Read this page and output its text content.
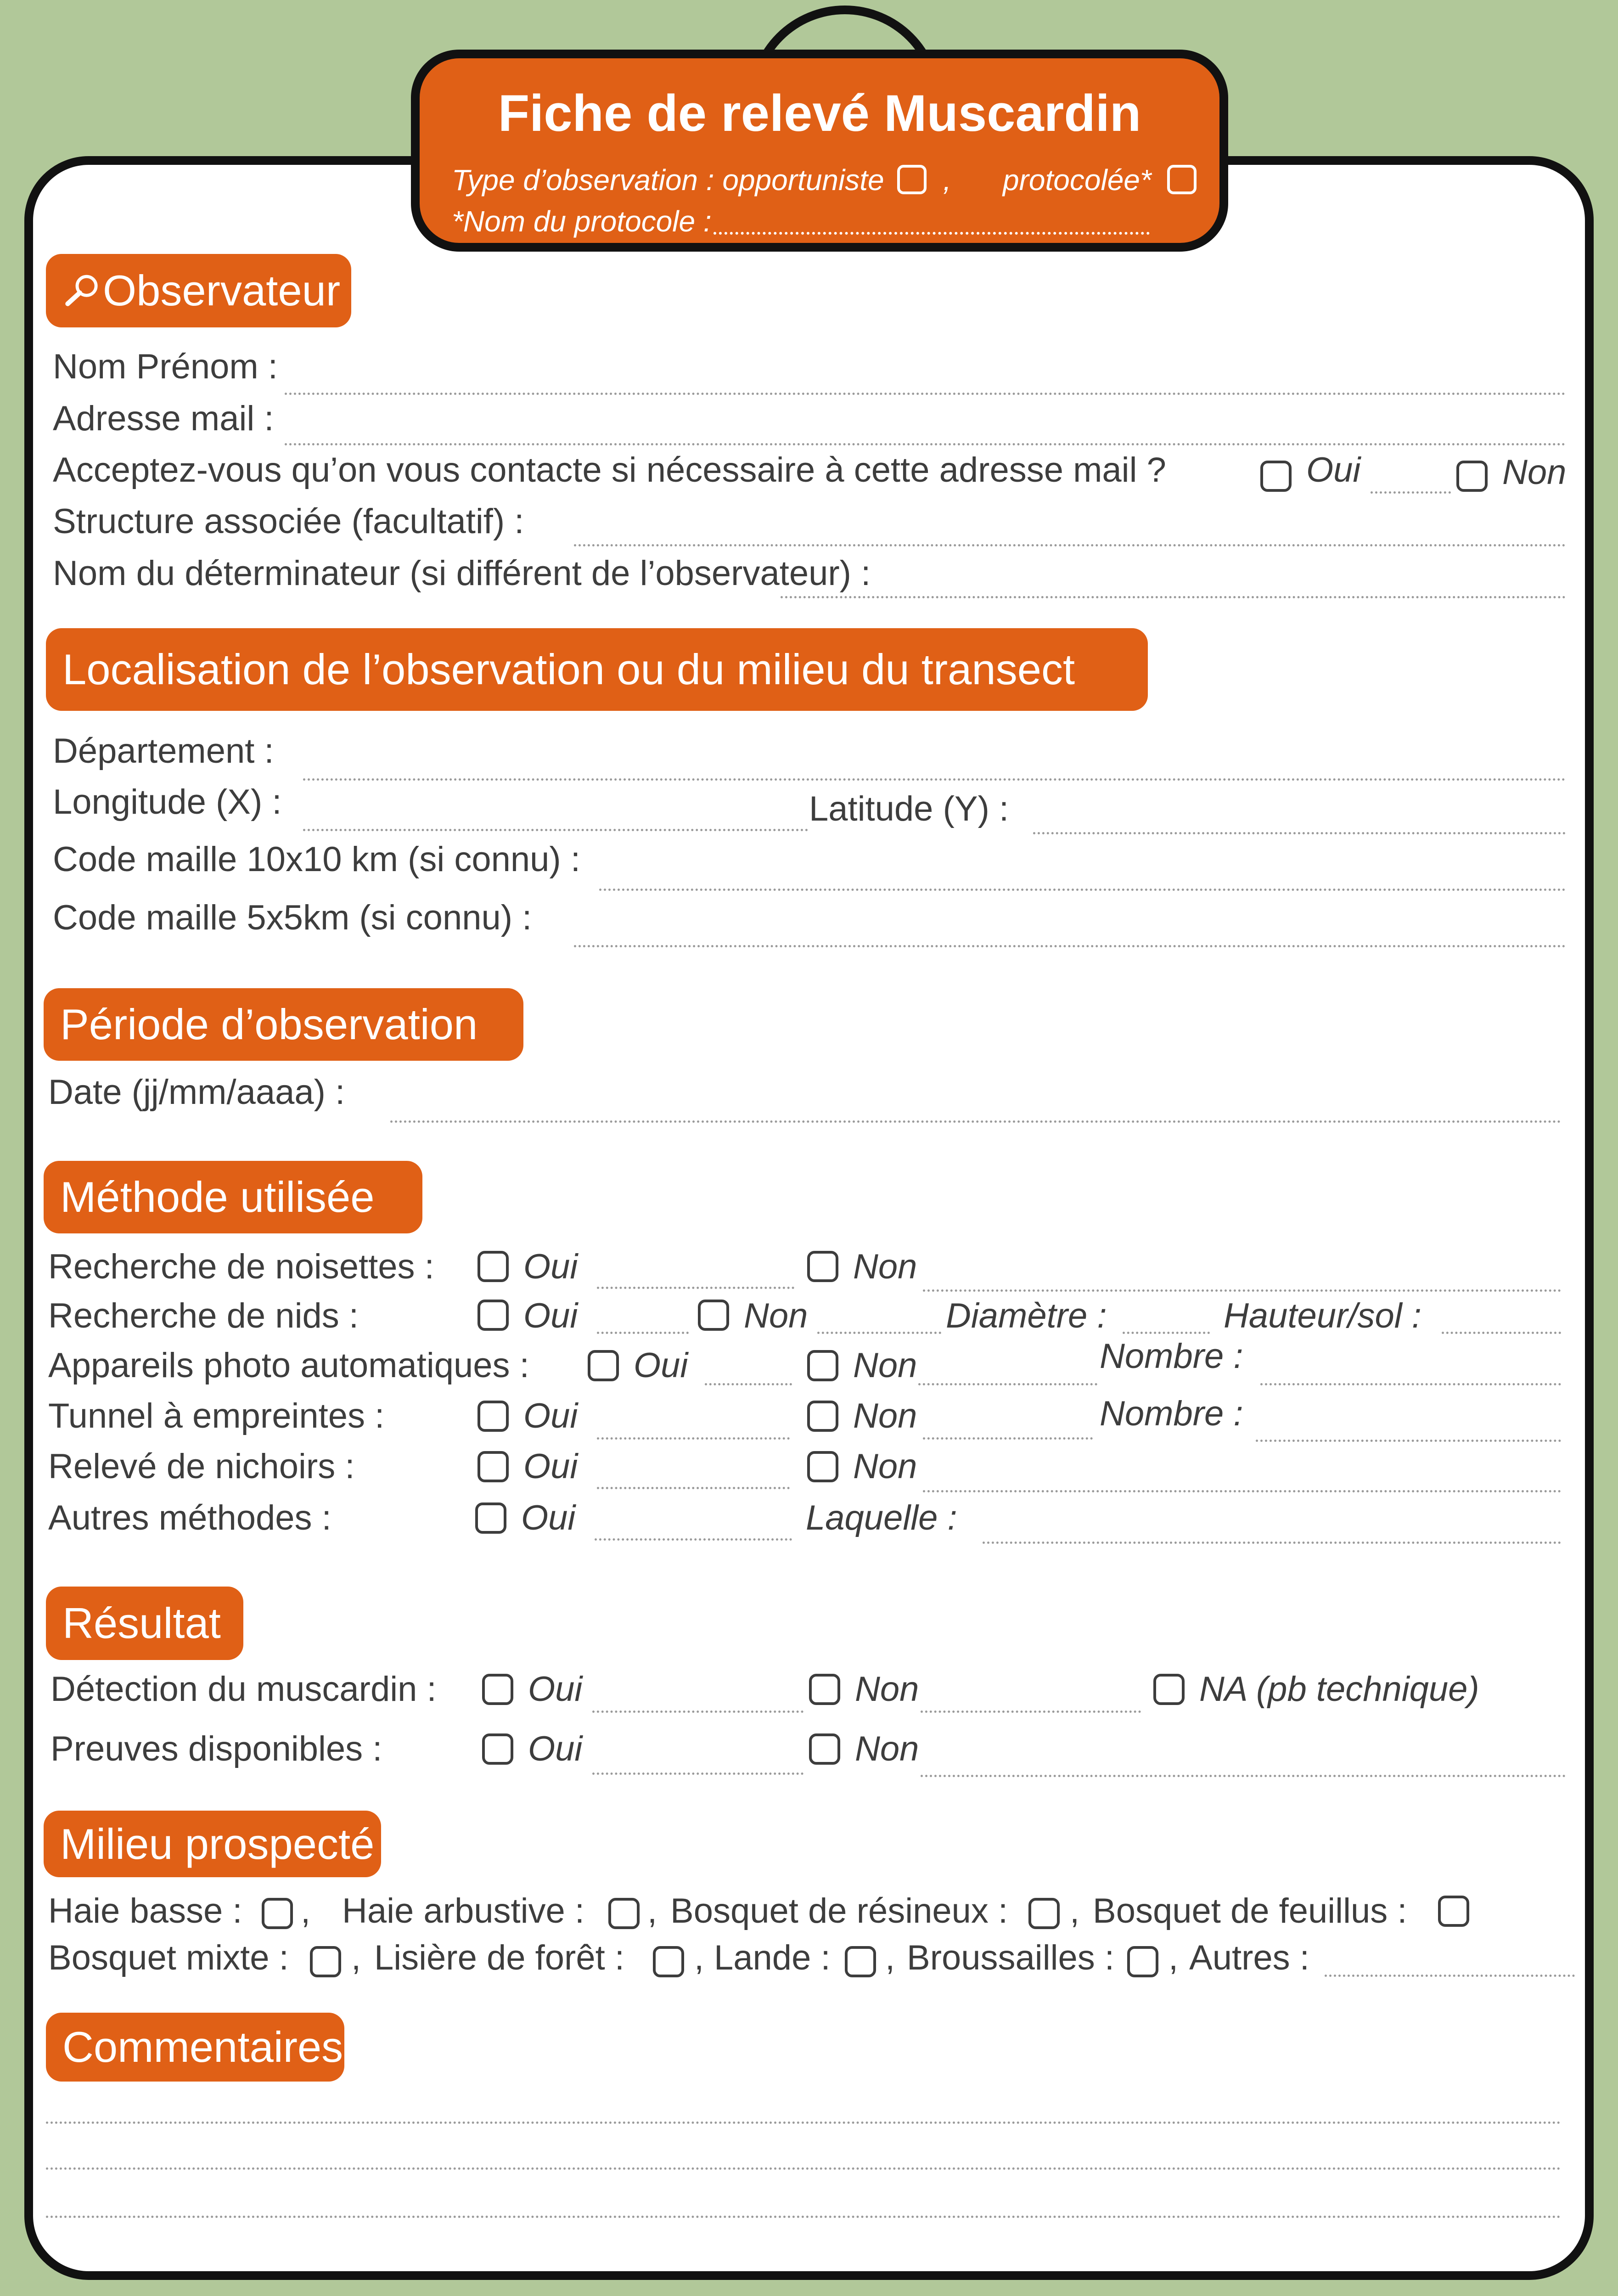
Fiche de relevé Muscardin
Type d’observation : opportuniste , protocolée*
*Nom du protocole :
Observateur
Nom Prénom :
Adresse mail :
Acceptez-vous qu’on vous contacte si nécessaire à cette adresse mail ?	Oui	Non
Structure associée (facultatif) :
Nom du déterminateur (si différent de l’observateur) :
Localisation de l’observation ou du milieu du transect
Département :
Longitude (X) :	Latitude (Y) :
Code maille 10x10 km (si connu) :
Code maille 5x5km (si connu) :
Période d’observation
Date (jj/mm/aaaa) :
Méthode utilisée
Recherche de noisettes :	Oui	Non
Recherche de nids :	Oui	Non	Diamètre :	Hauteur/sol :
Appareils photo automatiques :	Oui	Non	Nombre :
Tunnel à empreintes :	Oui	Non	Nombre :
Relevé de nichoirs :	Oui	Non
Autres méthodes :	Oui	Laquelle :
Résultat
Détection du muscardin :	Oui	Non	NA (pb technique)
Preuves disponibles :	Oui	Non
Milieu prospecté
Haie basse : , Haie arbustive : , Bosquet de résineux : , Bosquet de feuillus :
Bosquet mixte : , Lisière de forêt : , Lande : , Broussailles : , Autres :
Commentaires
